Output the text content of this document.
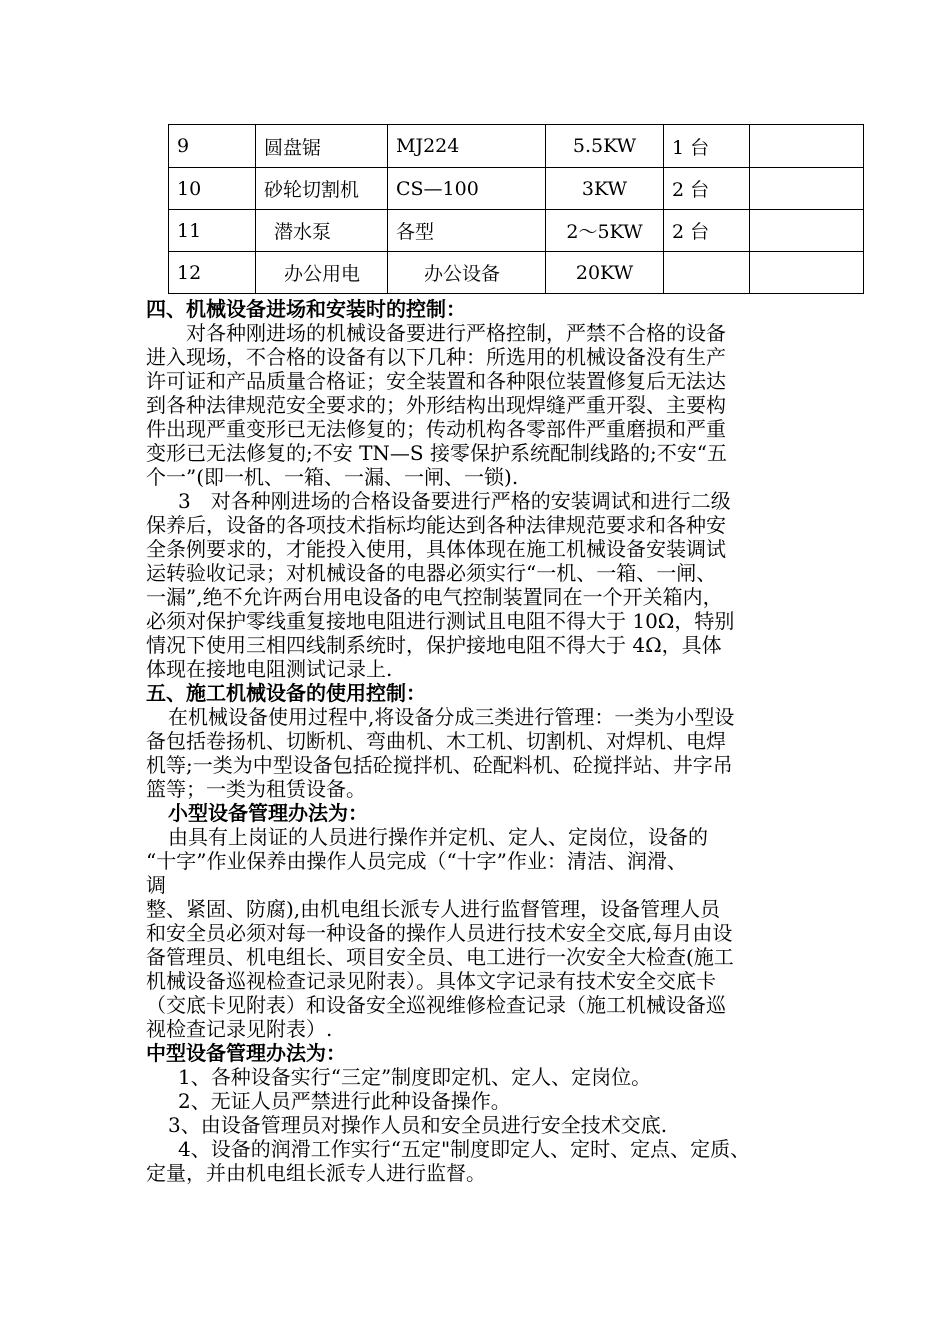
9	圆盘锯	MJ224	5.5KW	1 台	
10	砂轮切割机	CS—100	3KW	2 台	
11	潜水泵	各型	2～5KW	2 台	
12	办公用电	办公设备	20KW		

四、机械设备进场和安装时的控制：

对各种刚进场的机械设备要进行严格控制，严禁不合格的设备

进入现场，不合格的设备有以下几种：所选用的机械设备没有生产

许可证和产品质量合格证；安全装置和各种限位装置修复后无法达

到各种法律规范安全要求的；外形结构出现焊缝严重开裂、主要构

件出现严重变形已无法修复的；传动机构各零部件严重磨损和严重

变形已无法修复的;不安 TN—S 接零保护系统配制线路的;不安“五

个一”(即一机、一箱、一漏、一闸、一锁).

3　对各种刚进场的合格设备要进行严格的安装调试和进行二级

保养后，设备的各项技术指标均能达到各种法律规范要求和各种安

全条例要求的，才能投入使用，具体体现在施工机械设备安装调试

运转验收记录；对机械设备的电器必须实行“一机、一箱、一闸、

一漏”,绝不允许两台用电设备的电气控制装置同在一个开关箱内，

必须对保护零线重复接地电阻进行测试且电阻不得大于 10Ω，特别

情况下使用三相四线制系统时，保护接地电阻不得大于 4Ω，具体

体现在接地电阻测试记录上.

五、施工机械设备的使用控制：

在机械设备使用过程中,将设备分成三类进行管理：一类为小型设

备包括卷扬机、切断机、弯曲机、木工机、切割机、对焊机、电焊

机等;一类为中型设备包括砼搅拌机、砼配料机、砼搅拌站、井字吊

篮等；一类为租赁设备。

小型设备管理办法为：

由具有上岗证的人员进行操作并定机、定人、定岗位，设备的

“十字”作业保养由操作人员完成（“十字”作业：清洁、润滑、

调

整、紧固、防腐),由机电组长派专人进行监督管理，设备管理人员

和安全员必须对每一种设备的操作人员进行技术安全交底,每月由设

备管理员、机电组长、项目安全员、电工进行一次安全大检查(施工

机械设备巡视检查记录见附表）。具体文字记录有技术安全交底卡

（交底卡见附表）和设备安全巡视维修检查记录（施工机械设备巡

视检查记录见附表）.

中型设备管理办法为：

1、各种设备实行“三定”制度即定机、定人、定岗位。

2、无证人员严禁进行此种设备操作。

3、由设备管理员对操作人员和安全员进行安全技术交底.

4、设备的润滑工作实行“五定"制度即定人、定时、定点、定质、

定量，并由机电组长派专人进行监督。
